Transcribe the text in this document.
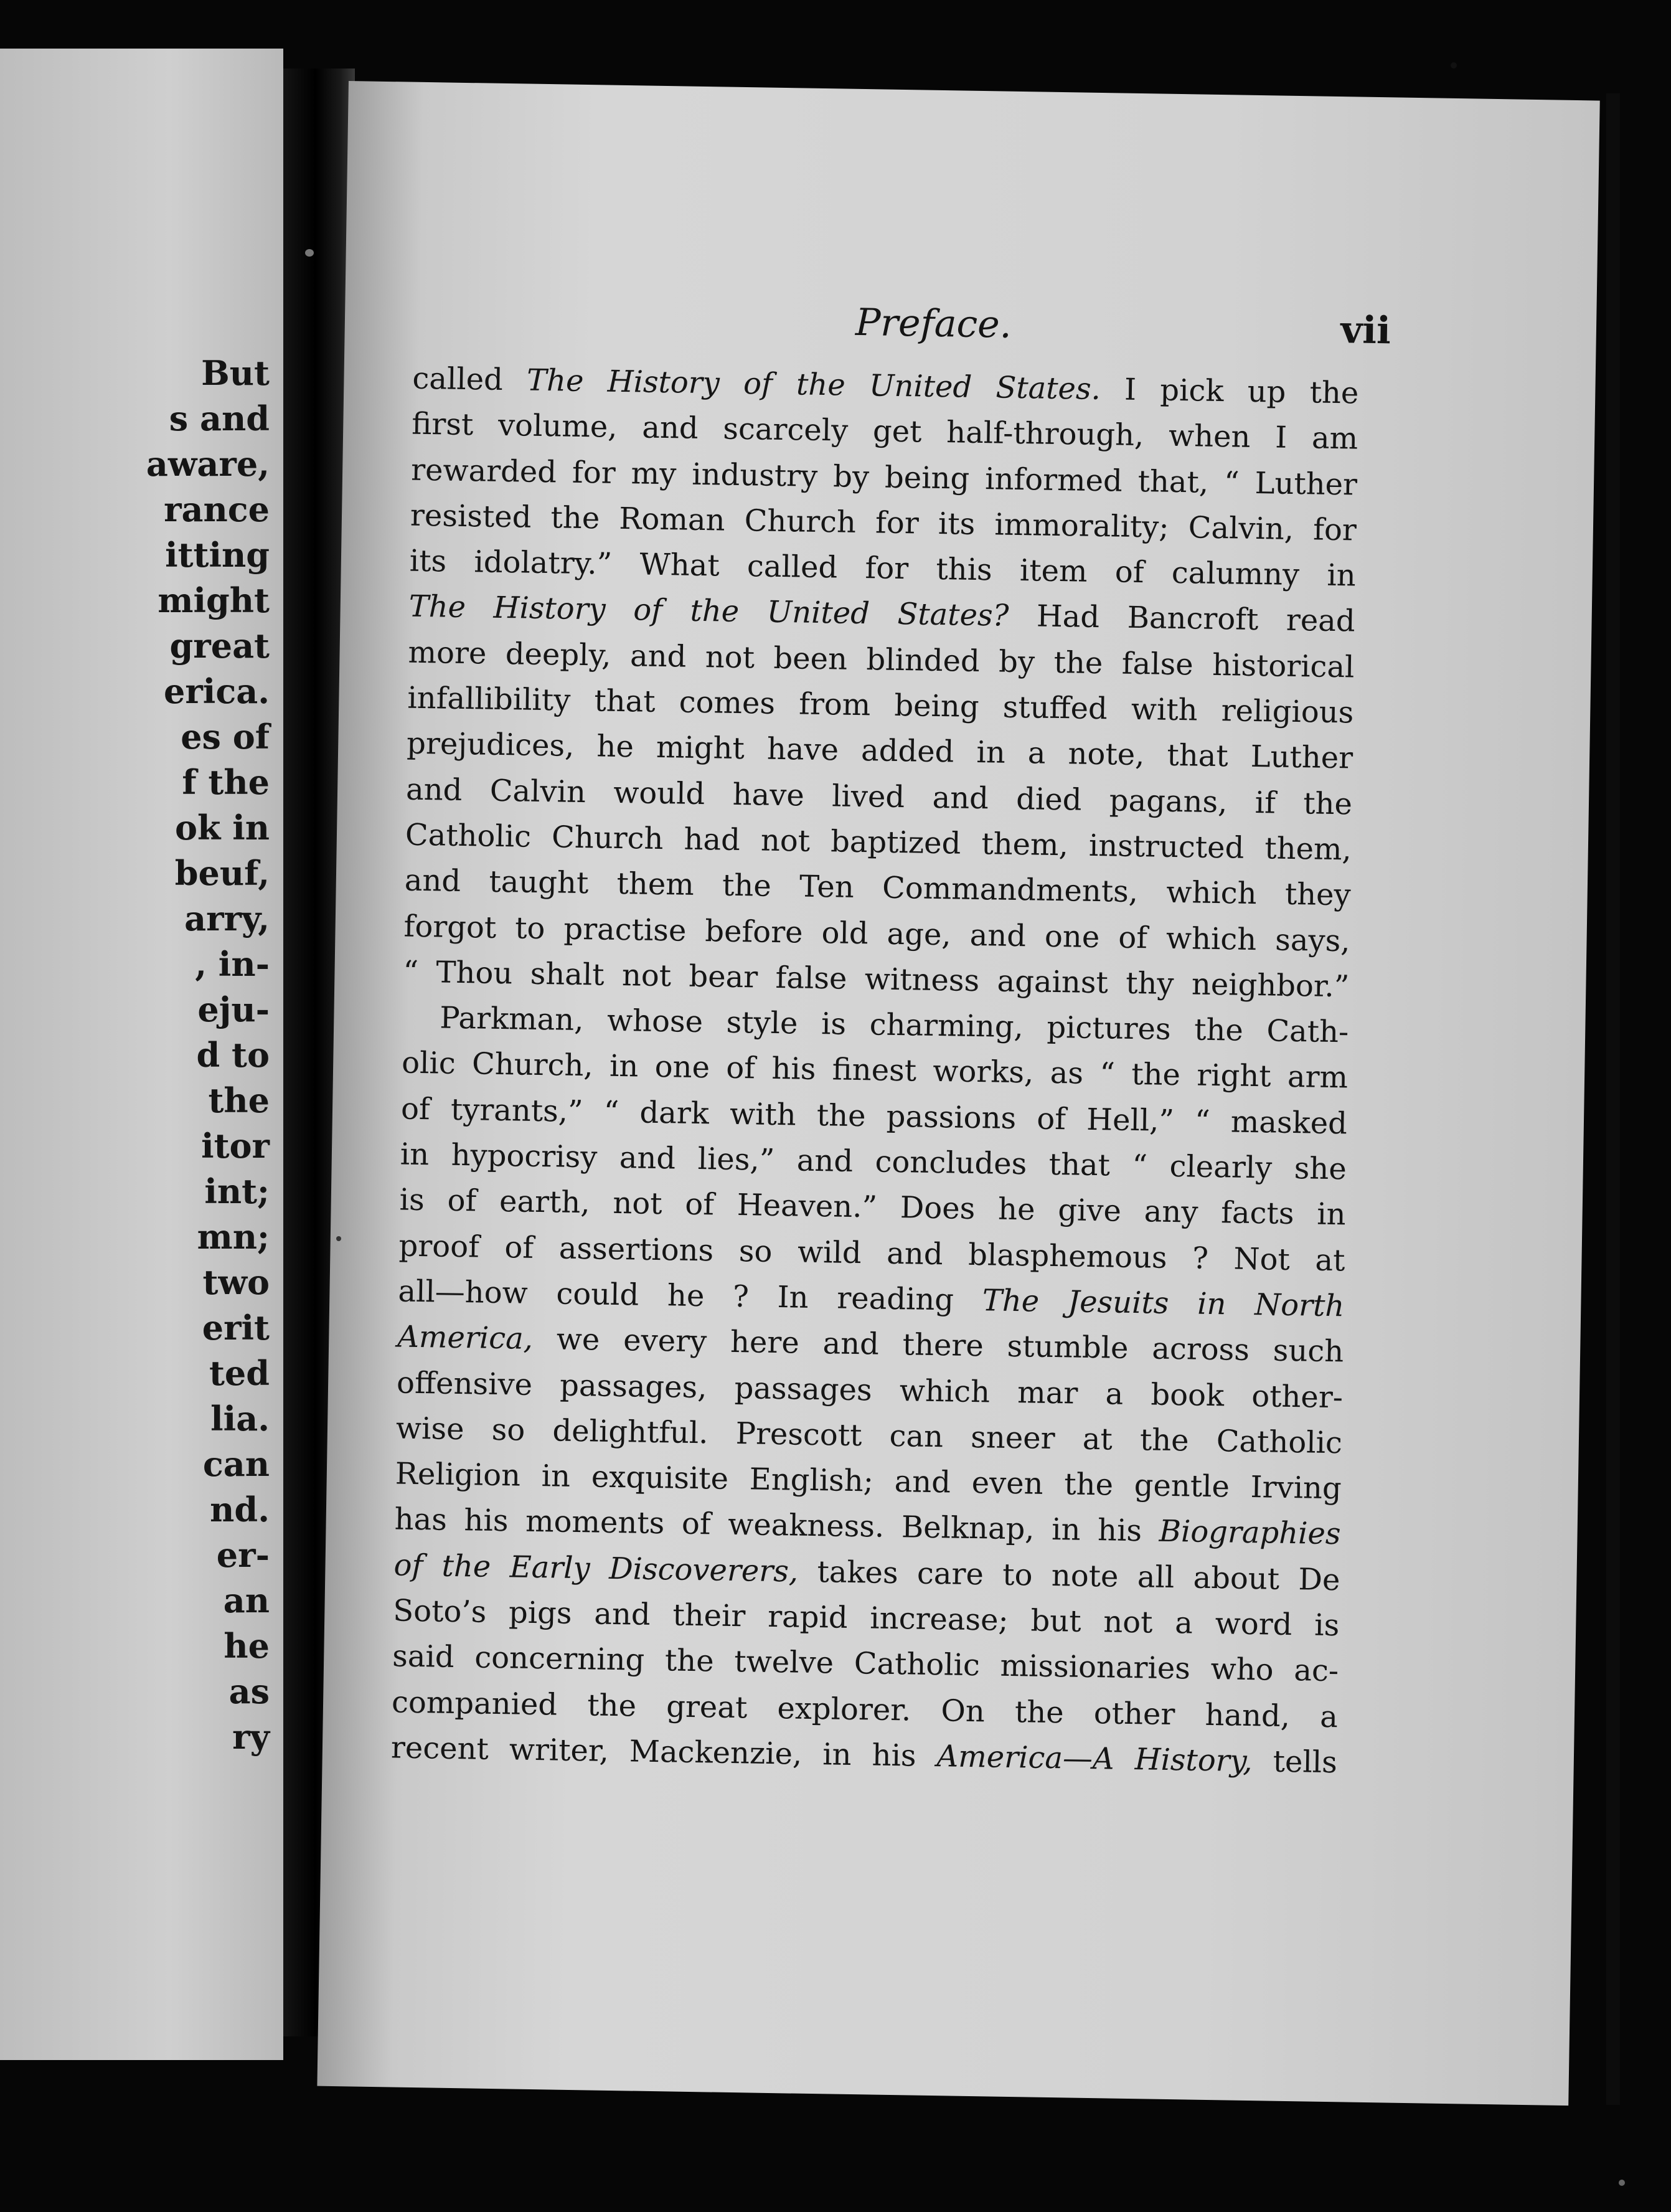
But
s and
aware,
rance
itting
might
great
erica.
es of
f the
ok in
beuf,
arry,
, in-
eju-
d to
the
itor
int;
mn;
two
erit
ted
lia.
can
nd.
er-
an
he
as
ry
Preface.	vii
called The History of the United States. I pick up the
first volume, and scarcely get half-through, when I am
rewarded for my industry by being informed that, “ Luther
resisted the Roman Church for its immorality; Calvin, for
its idolatry.” What called for this item of calumny in
The History of the United States? Had Bancroft read
more deeply, and not been blinded by the false historical
infallibility that comes from being stuffed with religious
prejudices, he might have added in a note, that Luther
and Calvin would have lived and died pagans, if the
Catholic Church had not baptized them, instructed them,
and taught them the Ten Commandments, which they
forgot to practise before old age, and one of which says,
“ Thou shalt not bear false witness against thy neighbor.”
Parkman, whose style is charming, pictures the Cath-
olic Church, in one of his finest works, as “ the right arm
of tyrants,” “ dark with the passions of Hell,” “ masked
in hypocrisy and lies,” and concludes that “ clearly she
is of earth, not of Heaven.” Does he give any facts in
proof of assertions so wild and blasphemous ? Not at
all—how could he ? In reading The Jesuits in North
America, we every here and there stumble across such
offensive passages, passages which mar a book other-
wise so delightful. Prescott can sneer at the Catholic
Religion in exquisite English; and even the gentle Irving
has his moments of weakness. Belknap, in his Biographies
of the Early Discoverers, takes care to note all about De
Soto’s pigs and their rapid increase; but not a word is
said concerning the twelve Catholic missionaries who ac-
companied the great explorer. On the other hand, a
recent writer, Mackenzie, in his America—A History, tells
